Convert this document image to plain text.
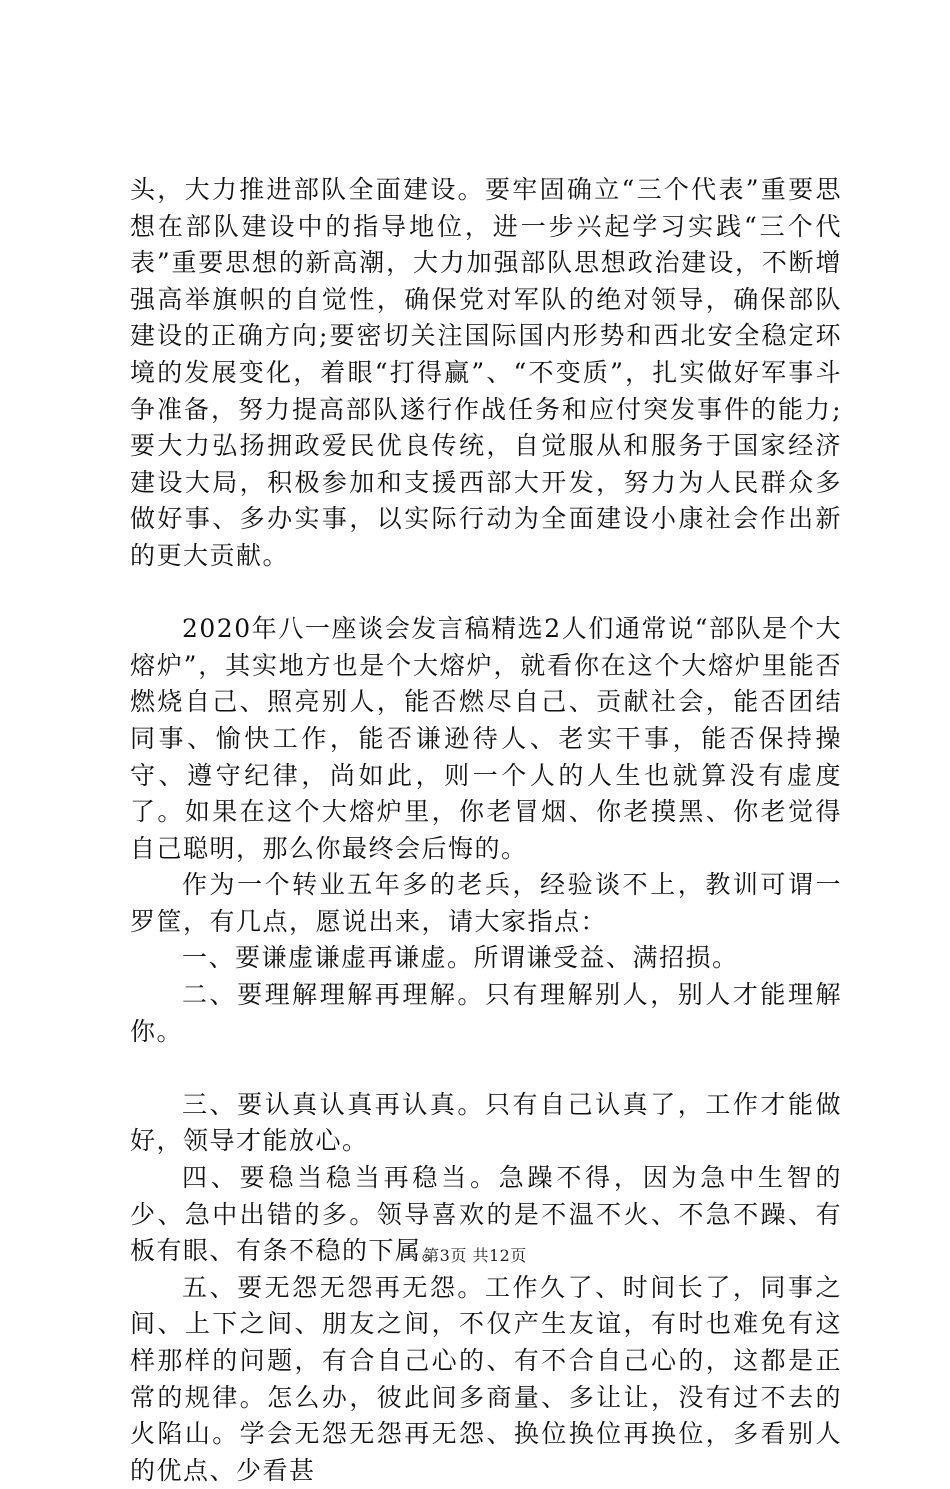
头，大力推进部队全面建设。要牢固确立“三个代表”重要思想在部队建设中的指导地位，进一步兴起学习实践“三个代表”重要思想的新高潮，大力加强部队思想政治建设，不断增强高举旗帜的自觉性，确保党对军队的绝对领导，确保部队建设的正确方向;要密切关注国际国内形势和西北安全稳定环境的发展变化，着眼“打得赢”、“不变质”，扎实做好军事斗争准备，努力提高部队遂行作战任务和应付突发事件的能力;要大力弘扬拥政爱民优良传统，自觉服从和服务于国家经济建设大局，积极参加和支援西部大开发，努力为人民群众多做好事、多办实事，以实际行动为全面建设小康社会作出新的更大贡献。

2020年八一座谈会发言稿精选2人们通常说“部队是个大熔炉”，其实地方也是个大熔炉，就看你在这个大熔炉里能否燃烧自己、照亮别人，能否燃尽自己、贡献社会，能否团结同事、愉快工作，能否谦逊待人、老实干事，能否保持操守、遵守纪律，尚如此，则一个人的人生也就算没有虚度了。如果在这个大熔炉里，你老冒烟、你老摸黑、你老觉得自己聪明，那么你最终会后悔的。

作为一个转业五年多的老兵，经验谈不上，教训可谓一罗筐，有几点，愿说出来，请大家指点：

一、要谦虚谦虚再谦虚。所谓谦受益、满招损。

二、要理解理解再理解。只有理解别人，别人才能理解你。

三、要认真认真再认真。只有自己认真了，工作才能做好，领导才能放心。

四、要稳当稳当再稳当。急躁不得，因为急中生智的少、急中出错的多。领导喜欢的是不温不火、不急不躁、有板有眼、有条不稳的下属。

五、要无怨无怨再无怨。工作久了、时间长了，同事之间、上下之间、朋友之间，不仅产生友谊，有时也难免有这样那样的问题，有合自己心的、有不合自己心的，这都是正常的规律。怎么办，彼此间多商量、多让让，没有过不去的火陷山。学会无怨无怨再无怨、换位换位再换位，多看别人的优点、少看甚

第3页 共12页
